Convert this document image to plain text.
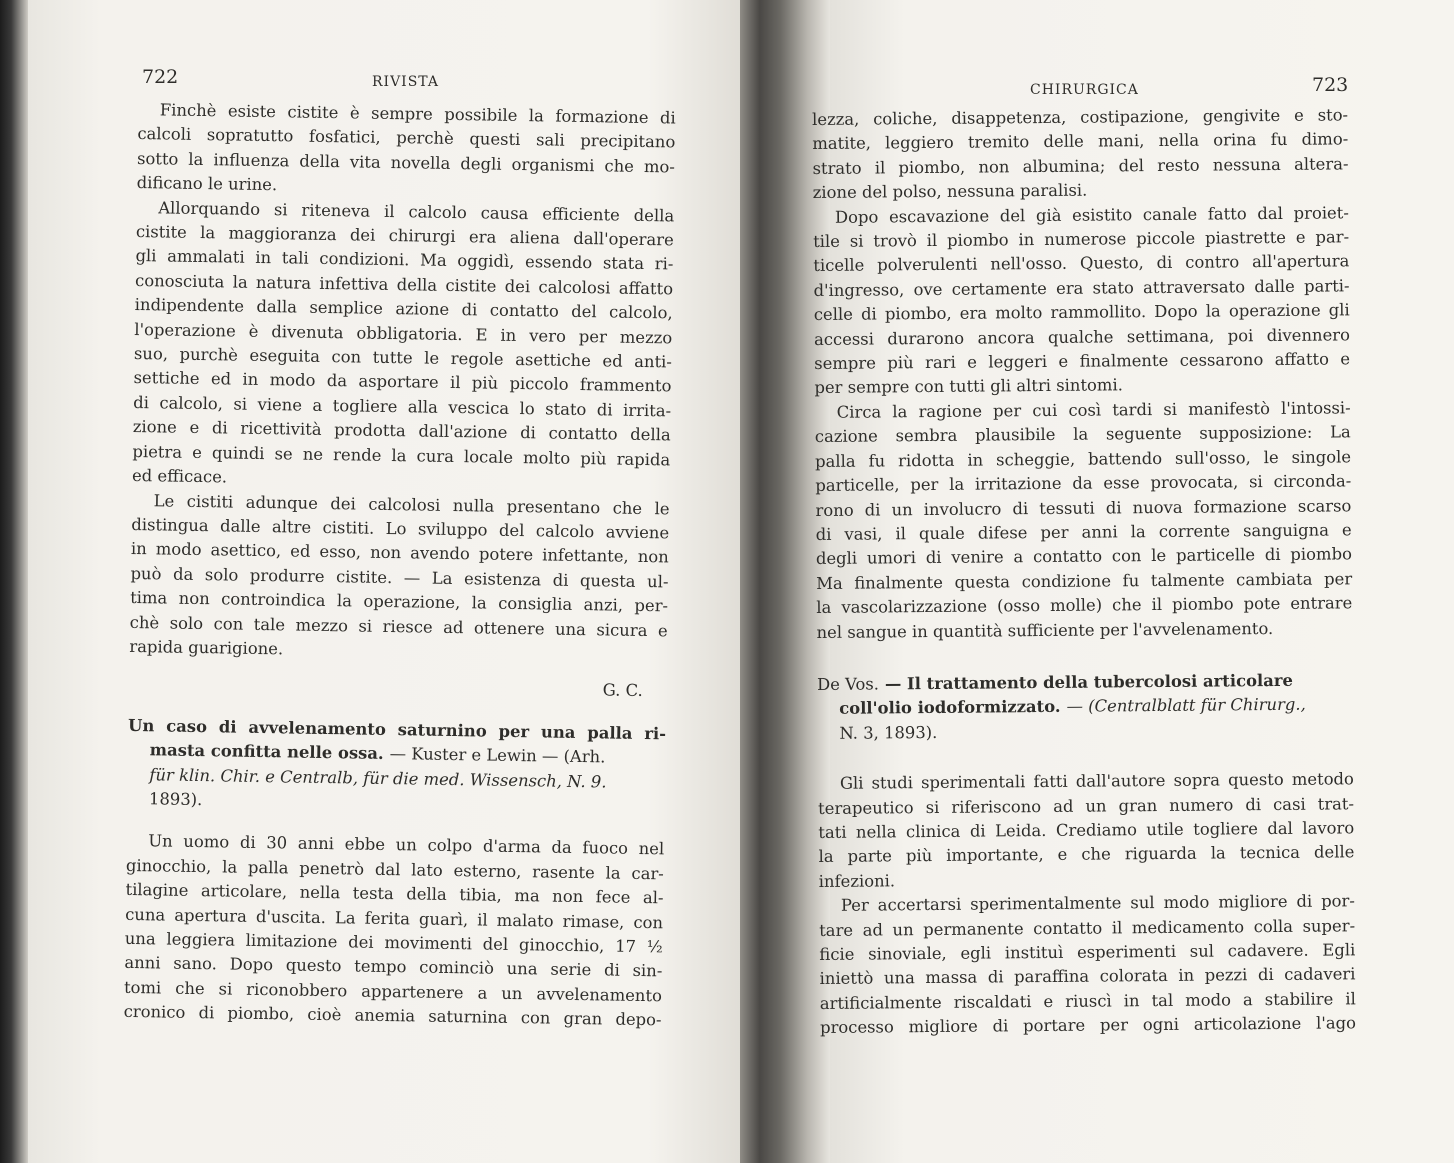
722	RIVISTA
Finchè esiste cistite è sempre possibile la formazione di
calcoli sopratutto fosfatici, perchè questi sali precipitano
sotto la influenza della vita novella degli organismi che mo-
dificano le urine.
Allorquando si riteneva il calcolo causa efficiente della
cistite la maggioranza dei chirurgi era aliena dall'operare
gli ammalati in tali condizioni. Ma oggidì, essendo stata ri-
conosciuta la natura infettiva della cistite dei calcolosi affatto
indipendente dalla semplice azione di contatto del calcolo,
l'operazione è divenuta obbligatoria. E in vero per mezzo
suo, purchè eseguita con tutte le regole asettiche ed anti-
settiche ed in modo da asportare il più piccolo frammento
di calcolo, si viene a togliere alla vescica lo stato di irrita-
zione e di ricettività prodotta dall'azione di contatto della
pietra e quindi se ne rende la cura locale molto più rapida
ed efficace.
Le cistiti adunque dei calcolosi nulla presentano che le
distingua dalle altre cistiti. Lo sviluppo del calcolo avviene
in modo asettico, ed esso, non avendo potere infettante, non
può da solo produrre cistite. — La esistenza di questa ul-
tima non controindica la operazione, la consiglia anzi, per-
chè solo con tale mezzo si riesce ad ottenere una sicura e
rapida guarigione.
G. C.
Un caso di avvelenamento saturnino per una palla ri-
masta confitta nelle ossa. — Kuster e Lewin — (Arh.
für klin. Chir. e Centralb, für die med. Wissensch, N. 9.
1893).
Un uomo di 30 anni ebbe un colpo d'arma da fuoco nel
ginocchio, la palla penetrò dal lato esterno, rasente la car-
tilagine articolare, nella testa della tibia, ma non fece al-
cuna apertura d'uscita. La ferita guarì, il malato rimase, con
una leggiera limitazione dei movimenti del ginocchio, 17 ½
anni sano. Dopo questo tempo cominciò una serie di sin-
tomi che si riconobbero appartenere a un avvelenamento
cronico di piombo, cioè anemia saturnina con gran depo-
CHIRURGICA	723
lezza, coliche, disappetenza, costipazione, gengivite e sto-
matite, leggiero tremito delle mani, nella orina fu dimo-
strato il piombo, non albumina; del resto nessuna altera-
zione del polso, nessuna paralisi.
Dopo escavazione del già esistito canale fatto dal proiet-
tile si trovò il piombo in numerose piccole piastrette e par-
ticelle polverulenti nell'osso. Questo, di contro all'apertura
d'ingresso, ove certamente era stato attraversato dalle parti-
celle di piombo, era molto rammollito. Dopo la operazione gli
accessi durarono ancora qualche settimana, poi divennero
sempre più rari e leggeri e finalmente cessarono affatto e
per sempre con tutti gli altri sintomi.
Circa la ragione per cui così tardi si manifestò l'intossi-
cazione sembra plausibile la seguente supposizione: La
palla fu ridotta in scheggie, battendo sull'osso, le singole
particelle, per la irritazione da esse provocata, si circonda-
rono di un involucro di tessuti di nuova formazione scarso
di vasi, il quale difese per anni la corrente sanguigna e
degli umori di venire a contatto con le particelle di piombo
Ma finalmente questa condizione fu talmente cambiata per
la vascolarizzazione (osso molle) che il piombo pote entrare
nel sangue in quantità sufficiente per l'avvelenamento.
De Vos. — Il trattamento della tubercolosi articolare
coll'olio iodoformizzato. — (Centralblatt für Chirurg.,
N. 3, 1893).
Gli studi sperimentali fatti dall'autore sopra questo metodo
terapeutico si riferiscono ad un gran numero di casi trat-
tati nella clinica di Leida. Crediamo utile togliere dal lavoro
la parte più importante, e che riguarda la tecnica delle
infezioni.
Per accertarsi sperimentalmente sul modo migliore di por-
tare ad un permanente contatto il medicamento colla super-
ficie sinoviale, egli instituì esperimenti sul cadavere. Egli
iniettò una massa di paraffina colorata in pezzi di cadaveri
artificialmente riscaldati e riuscì in tal modo a stabilire il
processo migliore di portare per ogni articolazione l'ago
